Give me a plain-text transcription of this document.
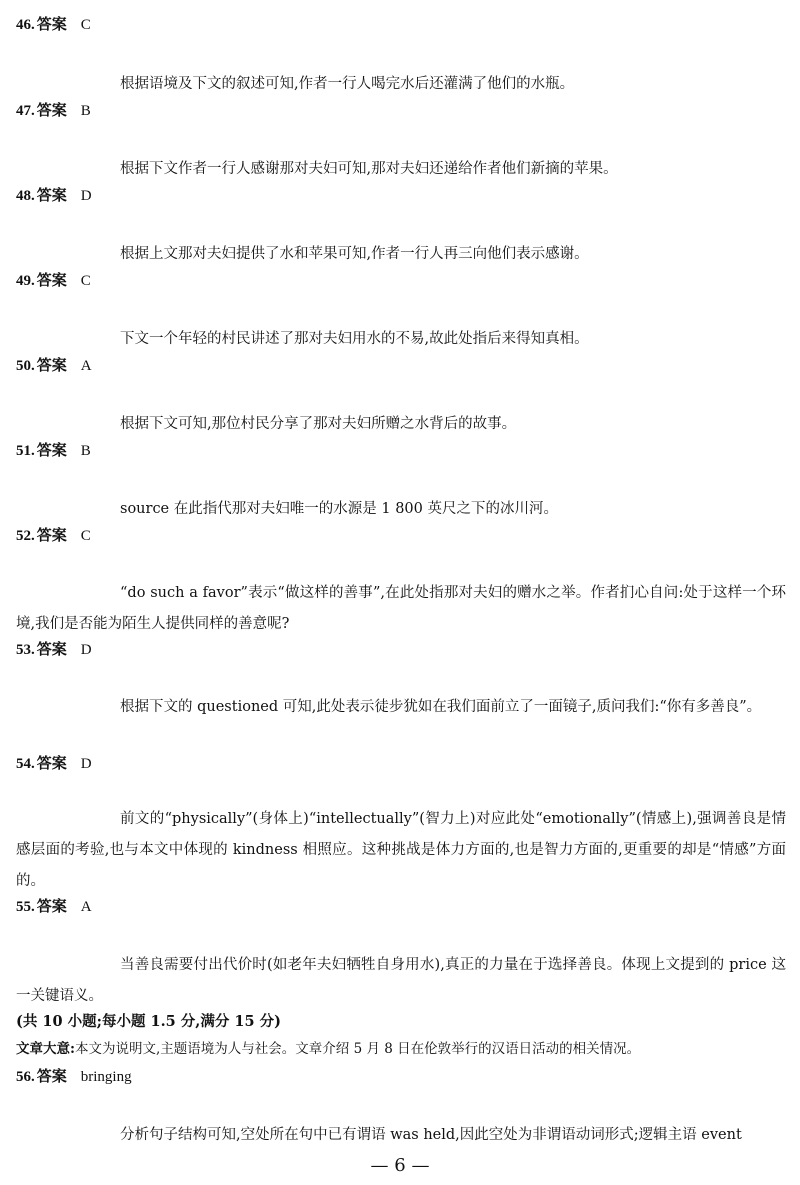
46. 答案 C
根据语境及下文的叙述可知,作者一行人喝完水后还灌满了他们的水瓶。
47. 答案 B
根据下文作者一行人感谢那对夫妇可知,那对夫妇还递给作者他们新摘的苹果。
48. 答案 D
根据上文那对夫妇提供了水和苹果可知,作者一行人再三向他们表示感谢。
49. 答案 C
下文一个年轻的村民讲述了那对夫妇用水的不易,故此处指后来得知真相。
50. 答案 A
根据下文可知,那位村民分享了那对夫妇所赠之水背后的故事。
51. 答案 B
source 在此指代那对夫妇唯一的水源是 1 800 英尺之下的冰川河。
52. 答案 C
“do such a favor”表示“做这样的善事”,在此处指那对夫妇的赠水之举。作者扪心自问:处于这样一个环境,我们是否能为陌生人提供同样的善意呢?
53. 答案 D
根据下文的 questioned 可知,此处表示徒步犹如在我们面前立了一面镜子,质问我们:“你有多善良”。
54. 答案 D
前文的“physically”(身体上)“intellectually”(智力上)对应此处“emotionally”(情感上),强调善良是情感层面的考验,也与本文中体现的 kindness 相照应。这种挑战是体力方面的,也是智力方面的,更重要的却是“情感”方面的。
55. 答案 A
当善良需要付出代价时(如老年夫妇牺牲自身用水),真正的力量在于选择善良。体现上文提到的 price 这一关键语义。
(共 10 小题;每小题 1.5 分,满分 15 分)
文章大意:本文为说明文,主题语境为人与社会。文章介绍 5 月 8 日在伦敦举行的汉语日活动的相关情况。
56. 答案 bringing
分析句子结构可知,空处所在句中已有谓语 was held,因此空处为非谓语动词形式;逻辑主语 event
— 6 —
